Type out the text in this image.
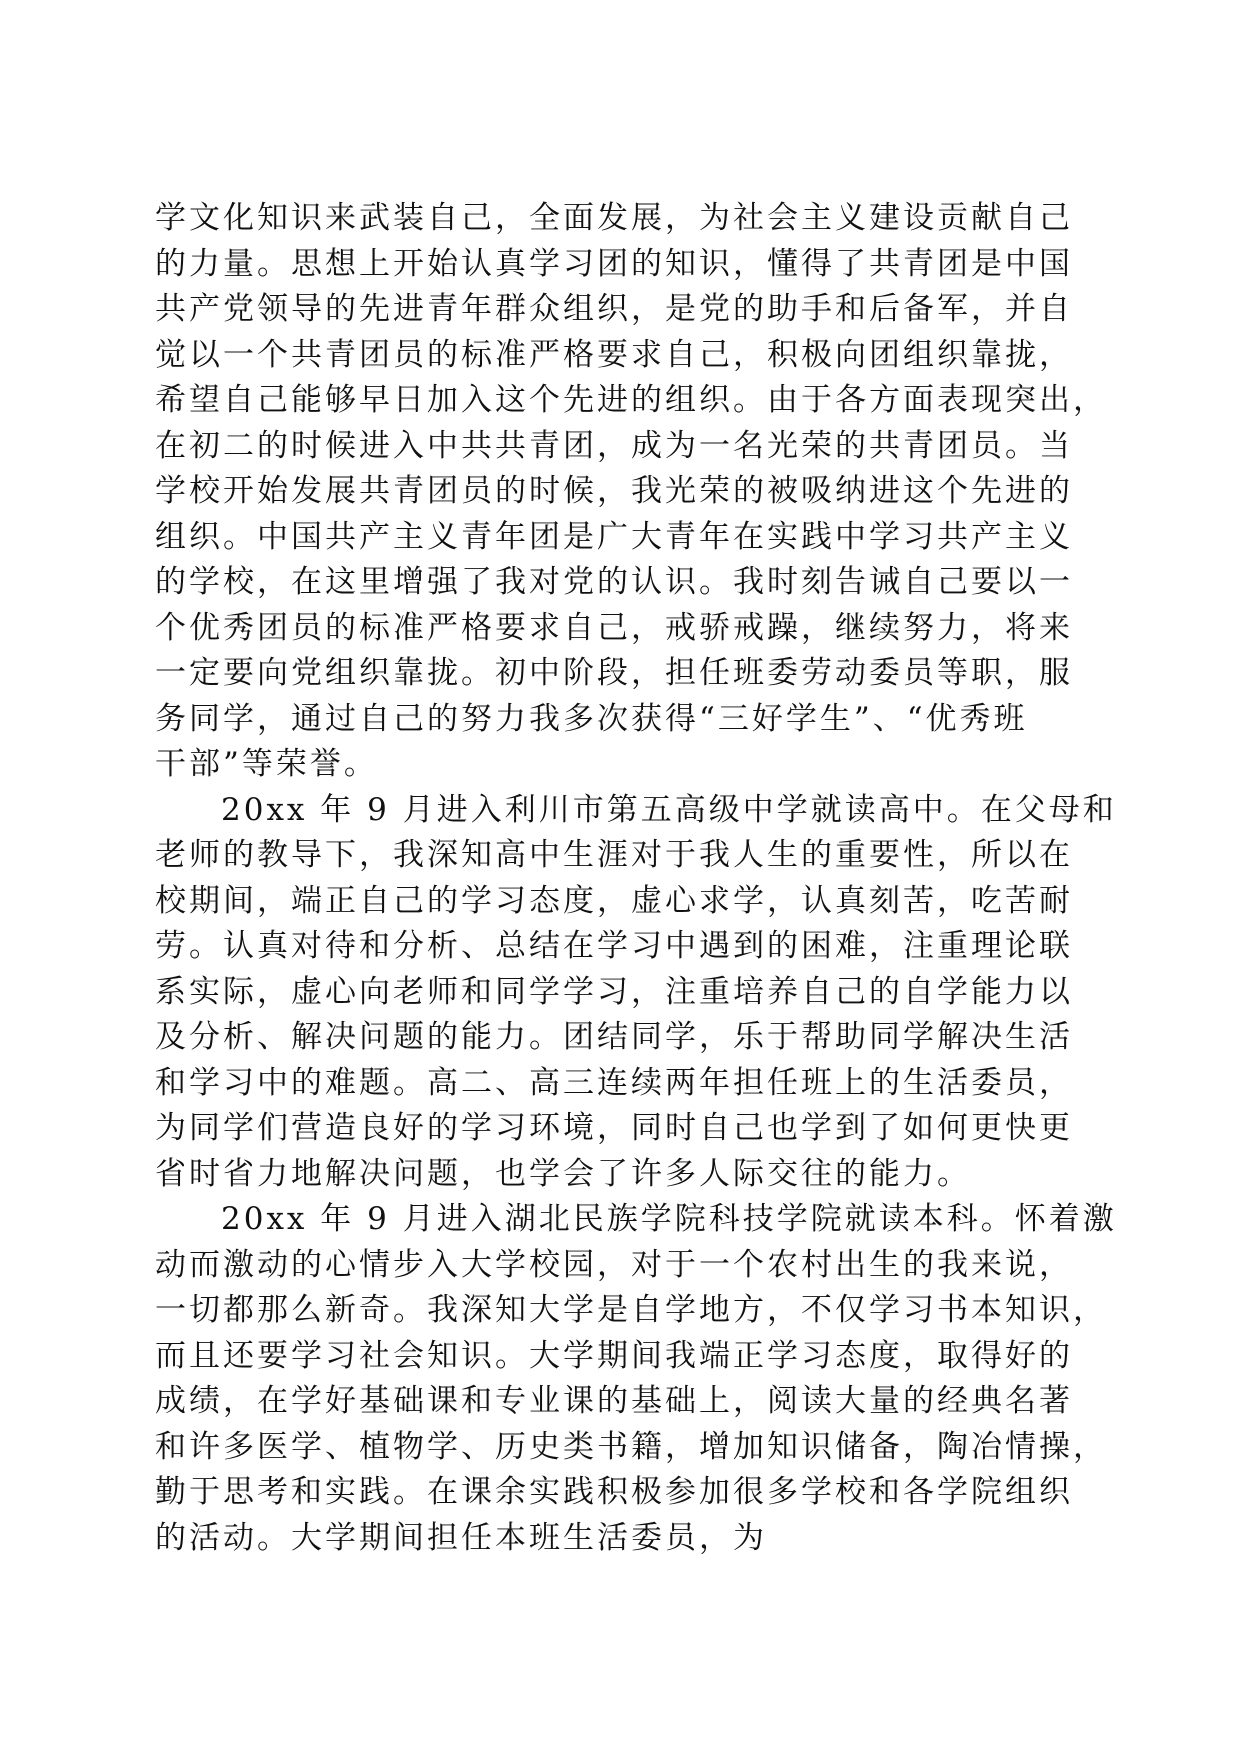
学文化知识来武装自己，全面发展，为社会主义建设贡献自己
的力量。思想上开始认真学习团的知识，懂得了共青团是中国
共产党领导的先进青年群众组织，是党的助手和后备军，并自
觉以一个共青团员的标准严格要求自己，积极向团组织靠拢，
希望自己能够早日加入这个先进的组织。由于各方面表现突出，
在初二的时候进入中共共青团，成为一名光荣的共青团员。当
学校开始发展共青团员的时候，我光荣的被吸纳进这个先进的
组织。中国共产主义青年团是广大青年在实践中学习共产主义
的学校，在这里增强了我对党的认识。我时刻告诫自己要以一
个优秀团员的标准严格要求自己，戒骄戒躁，继续努力，将来
一定要向党组织靠拢。初中阶段，担任班委劳动委员等职，服
务同学，通过自己的努力我多次获得“三好学生”、“优秀班
干部”等荣誉。
20xx 年 9 月进入利川市第五高级中学就读高中。在父母和
老师的教导下，我深知高中生涯对于我人生的重要性，所以在
校期间，端正自己的学习态度，虚心求学，认真刻苦，吃苦耐
劳。认真对待和分析、总结在学习中遇到的困难，注重理论联
系实际，虚心向老师和同学学习，注重培养自己的自学能力以
及分析、解决问题的能力。团结同学，乐于帮助同学解决生活
和学习中的难题。高二、高三连续两年担任班上的生活委员，
为同学们营造良好的学习环境，同时自己也学到了如何更快更
省时省力地解决问题，也学会了许多人际交往的能力。
20xx 年 9 月进入湖北民族学院科技学院就读本科。怀着激
动而激动的心情步入大学校园，对于一个农村出生的我来说，
一切都那么新奇。我深知大学是自学地方，不仅学习书本知识，
而且还要学习社会知识。大学期间我端正学习态度，取得好的
成绩，在学好基础课和专业课的基础上，阅读大量的经典名著
和许多医学、植物学、历史类书籍，增加知识储备，陶冶情操，
勤于思考和实践。在课余实践积极参加很多学校和各学院组织
的活动。大学期间担任本班生活委员，为
